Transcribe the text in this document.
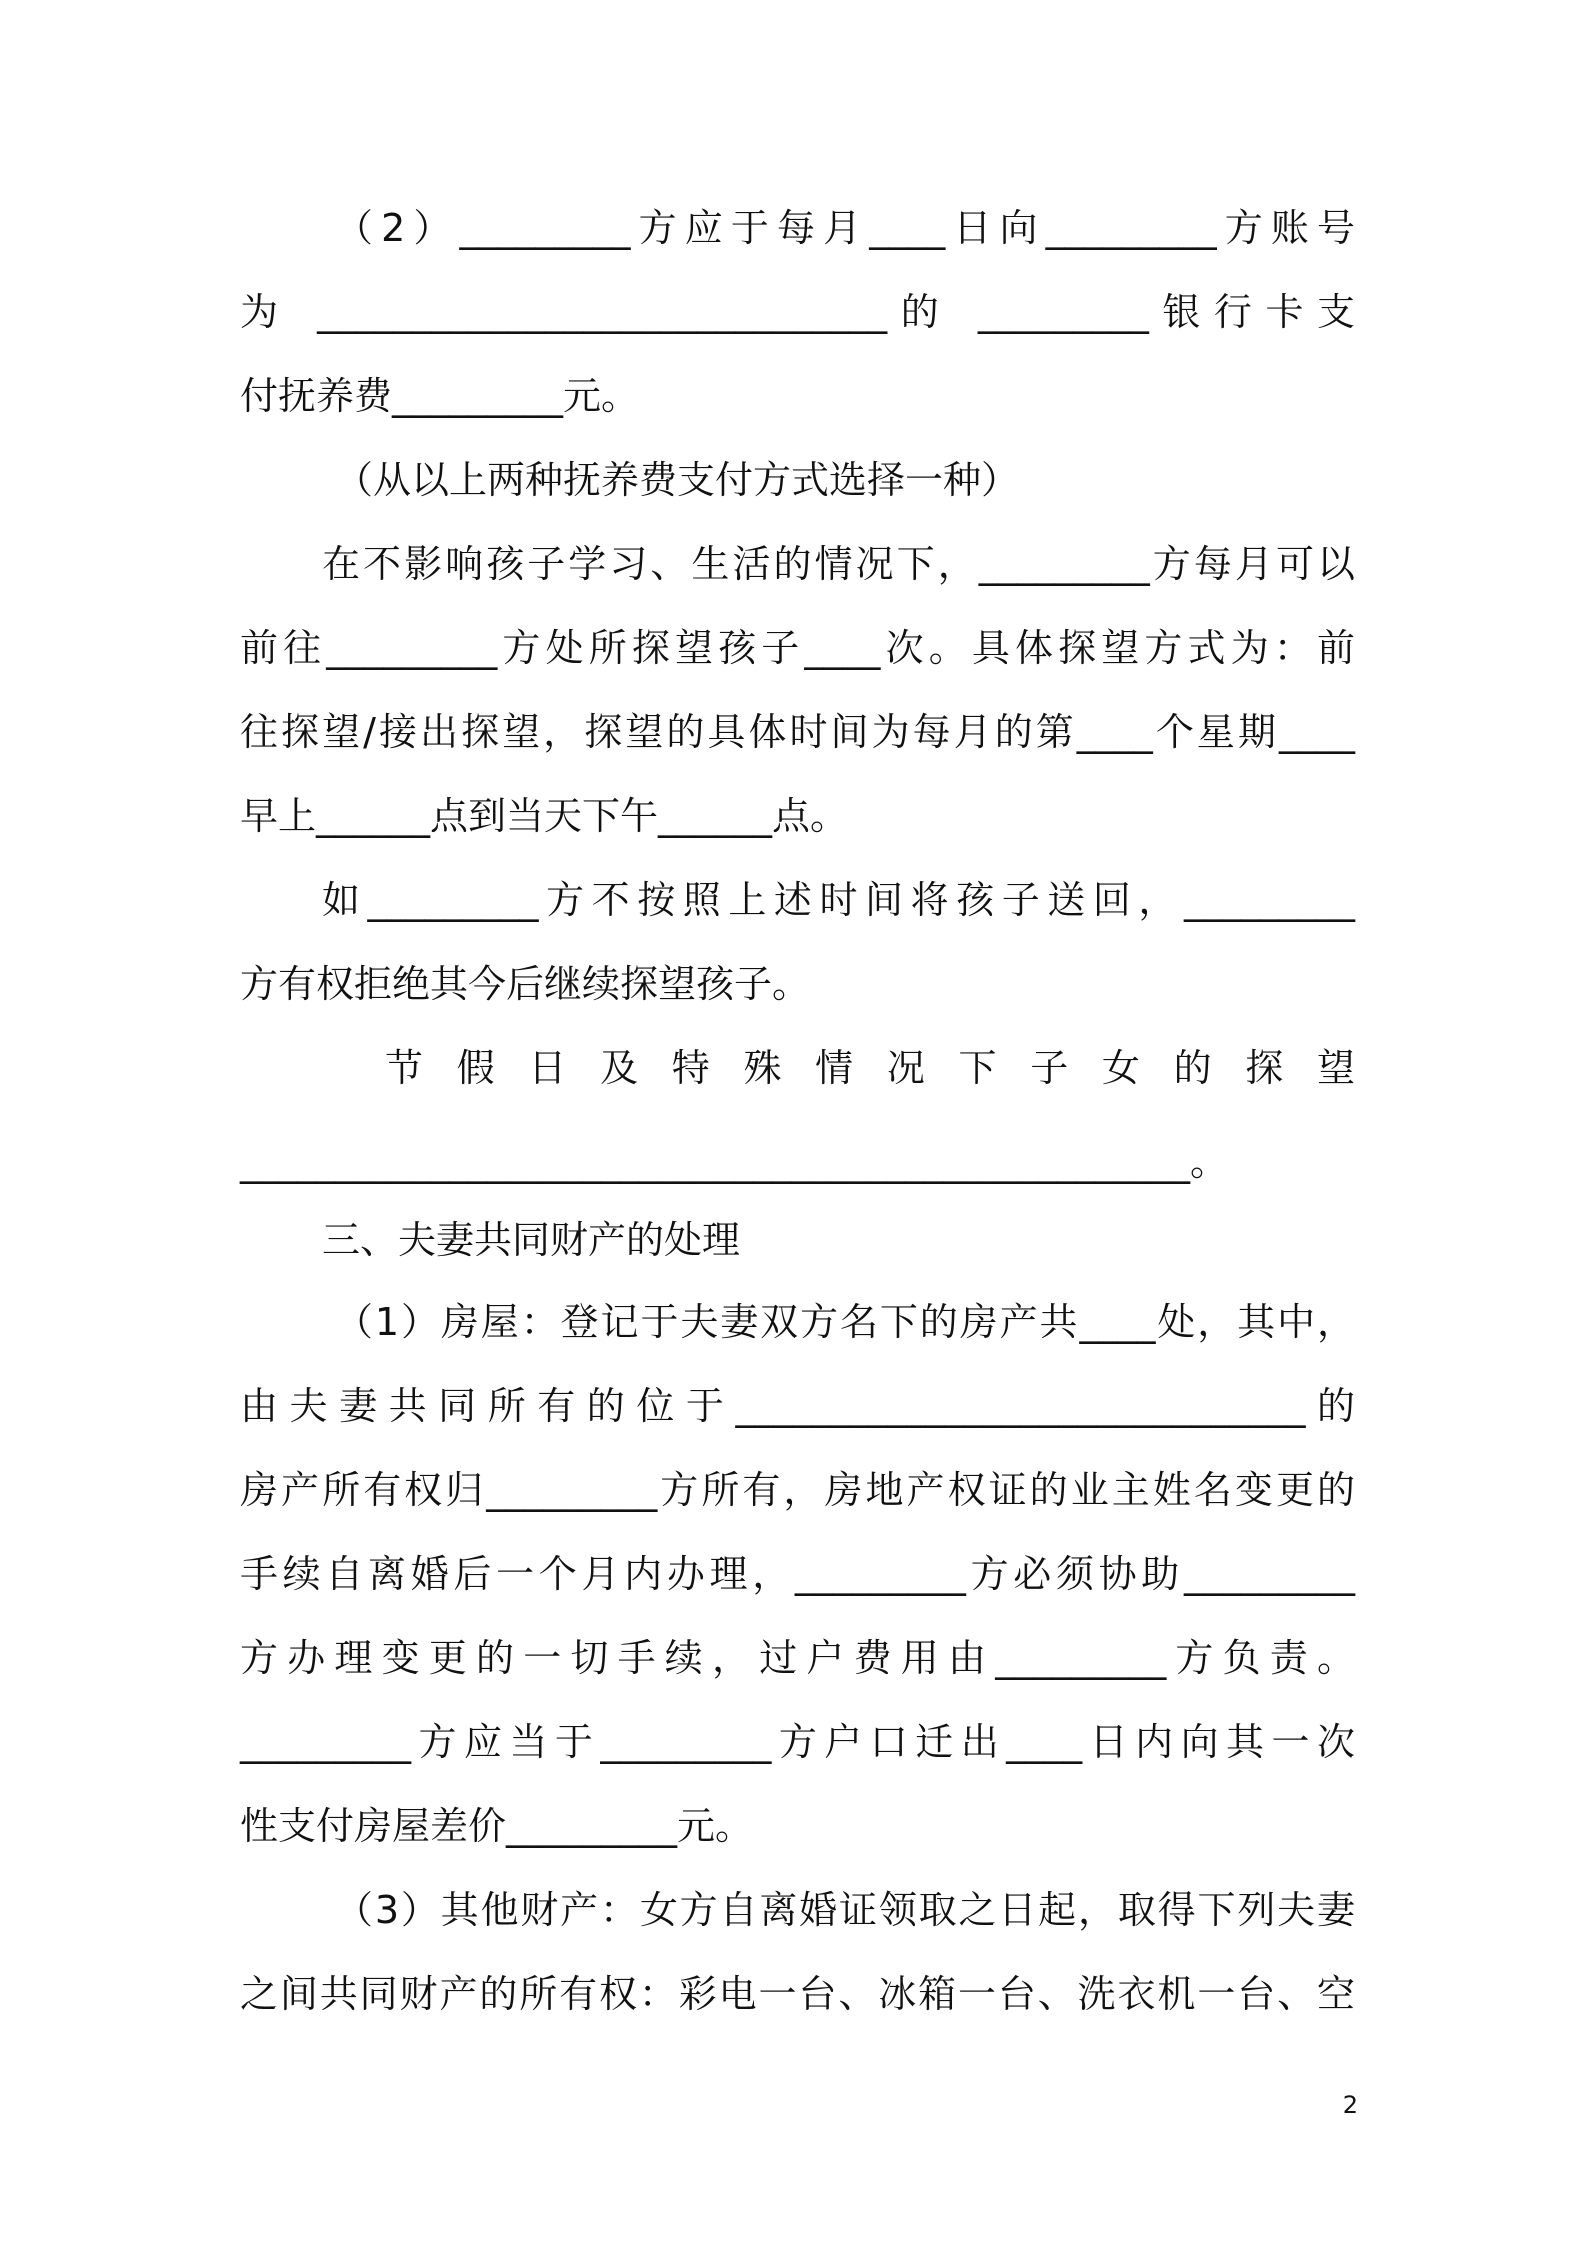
（2）_________方应于每月____日向_________方账号

为 ______________________________的 _________银行卡支

付抚养费_________元。

（从以上两种抚养费支付方式选择一种）

在不影响孩子学习、生活的情况下，_________方每月可以

前往_________方处所探望孩子____次。具体探望方式为：前

往探望/接出探望，探望的具体时间为每月的第____个星期____

早上______点到当天下午______点。

如_________方不按照上述时间将孩子送回，_________

方有权拒绝其今后继续探望孩子。

节假日及特殊情况下子女的探望

__________________________________________________。

三、夫妻共同财产的处理

（1）房屋：登记于夫妻双方名下的房产共____处，其中，

由夫妻共同所有的位于______________________________的

房产所有权归_________方所有，房地产权证的业主姓名变更的

手续自离婚后一个月内办理，_________方必须协助_________

方办理变更的一切手续，过户费用由_________方负责。

_________方应当于_________方户口迁出____日内向其一次

性支付房屋差价_________元。

（3）其他财产：女方自离婚证领取之日起，取得下列夫妻

之间共同财产的所有权：彩电一台、冰箱一台、洗衣机一台、空

2
